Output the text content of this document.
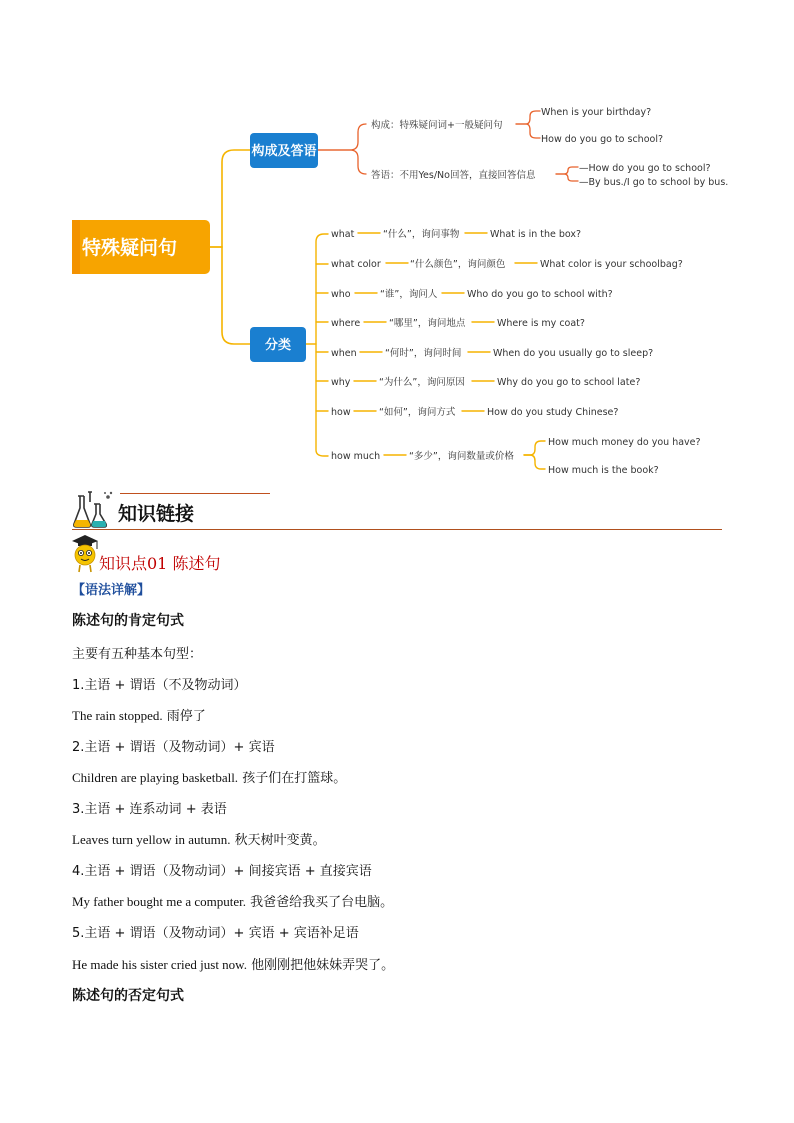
特殊疑问句
构成及答语
构成：特殊疑问词+一般疑问句
When is your birthday?
How do you go to school?
答语：不用Yes/No回答，直接回答信息
—How do you go to school?
—By bus./I go to school by bus.
分类
what	“什么”，询问事物	What is in the box?
what color	“什么颜色”，询问颜色	What color is your schoolbag?
who	“谁”，询问人	Who do you go to school with?
where	“哪里”，询问地点	Where is my coat?
when	“何时”，询问时间	When do you usually go to sleep?
why	“为什么”，询问原因	Why do you go to school late?
how	“如何”，询问方式	How do you study Chinese?
how much	“多少”，询问数量或价格
How much money do you have?
How much is the book?
知识链接
知识点01 陈述句
【语法详解】
陈述句的肯定句式
主要有五种基本句型：
1.主语 + 谓语（不及物动词）
The rain stopped. 雨停了
2.主语 + 谓语（及物动词）+ 宾语
Children are playing basketball. 孩子们在打篮球。
3.主语 + 连系动词 + 表语
Leaves turn yellow in autumn. 秋天树叶变黄。
4.主语 + 谓语（及物动词）+ 间接宾语 + 直接宾语
My father bought me a computer. 我爸爸给我买了台电脑。
5.主语 + 谓语（及物动词）+ 宾语 + 宾语补足语
He made his sister cried just now. 他刚刚把他妹妹弄哭了。
陈述句的否定句式
